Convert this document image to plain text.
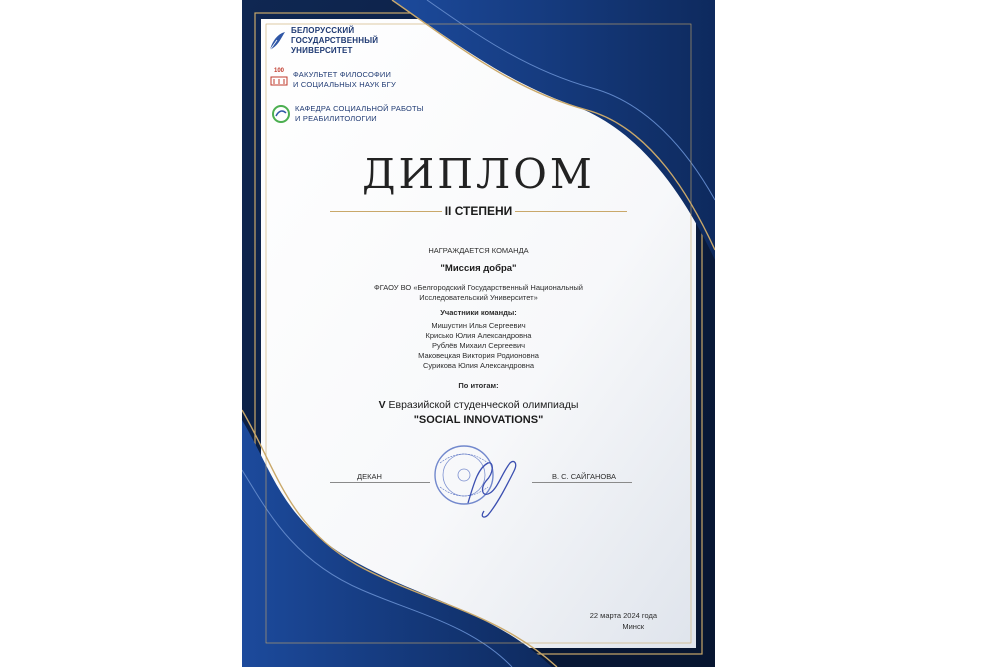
БЕЛОРУССКИЙ
ГОСУДАРСТВЕННЫЙ
УНИВЕРСИТЕТ
100	ФАКУЛЬТЕТ ФИЛОСОФИИ
И СОЦИАЛЬНЫХ НАУК БГУ
КАФЕДРА СОЦИАЛЬНОЙ РАБОТЫ
И РЕАБИЛИТОЛОГИИ
ДИПЛОМ
II СТЕПЕНИ
НАГРАЖДАЕТСЯ КОМАНДА
"Миссия добра"
ФГАОУ ВО «Белгородский Государственный Национальный
Исследовательский Университет»
Участники команды:
Мишустин Илья Сергеевич
Крисько Юлия Александровна
Рублёв Михаил Сергеевич
Маковецкая Виктория Родионовна
Сурикова Юлия Александровна
По итогам:
V Евразийской студенческой олимпиады
"SOCIAL INNOVATIONS"
ДЕКАН	В. С. САЙГАНОВА
22 марта 2024 года
Минск
